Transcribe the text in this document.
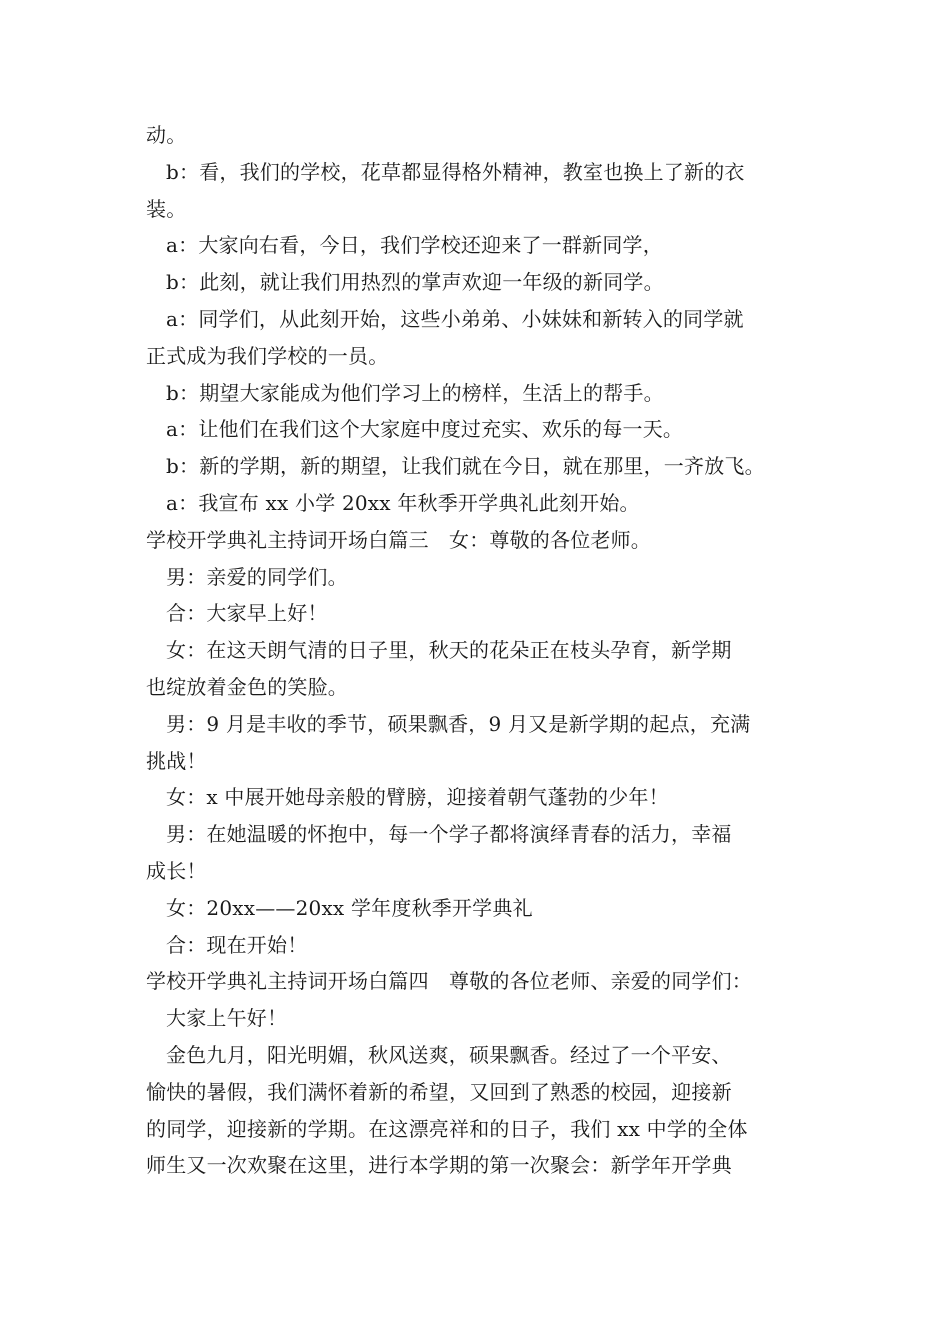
动。
b：看，我们的学校，花草都显得格外精神，教室也换上了新的衣
装。
a：大家向右看，今日，我们学校还迎来了一群新同学，
b：此刻，就让我们用热烈的掌声欢迎一年级的新同学。
a：同学们，从此刻开始，这些小弟弟、小妹妹和新转入的同学就
正式成为我们学校的一员。
b：期望大家能成为他们学习上的榜样，生活上的帮手。
a：让他们在我们这个大家庭中度过充实、欢乐的每一天。
b：新的学期，新的期望，让我们就在今日，就在那里，一齐放飞。
a：我宣布 xx 小学 20xx 年秋季开学典礼此刻开始。
学校开学典礼主持词开场白篇三　女：尊敬的各位老师。
男：亲爱的同学们。
合：大家早上好！
女：在这天朗气清的日子里，秋天的花朵正在枝头孕育，新学期
也绽放着金色的笑脸。
男：9 月是丰收的季节，硕果飘香，9 月又是新学期的起点，充满
挑战！
女：x 中展开她母亲般的臂膀，迎接着朝气蓬勃的少年！
男：在她温暖的怀抱中，每一个学子都将演绎青春的活力，幸福
成长！
女：20xx——20xx 学年度秋季开学典礼
合：现在开始！
学校开学典礼主持词开场白篇四　尊敬的各位老师、亲爱的同学们：
大家上午好！
金色九月，阳光明媚，秋风送爽，硕果飘香。经过了一个平安、
愉快的暑假，我们满怀着新的希望，又回到了熟悉的校园，迎接新
的同学，迎接新的学期。在这漂亮祥和的日子，我们 xx 中学的全体
师生又一次欢聚在这里，进行本学期的第一次聚会：新学年开学典
